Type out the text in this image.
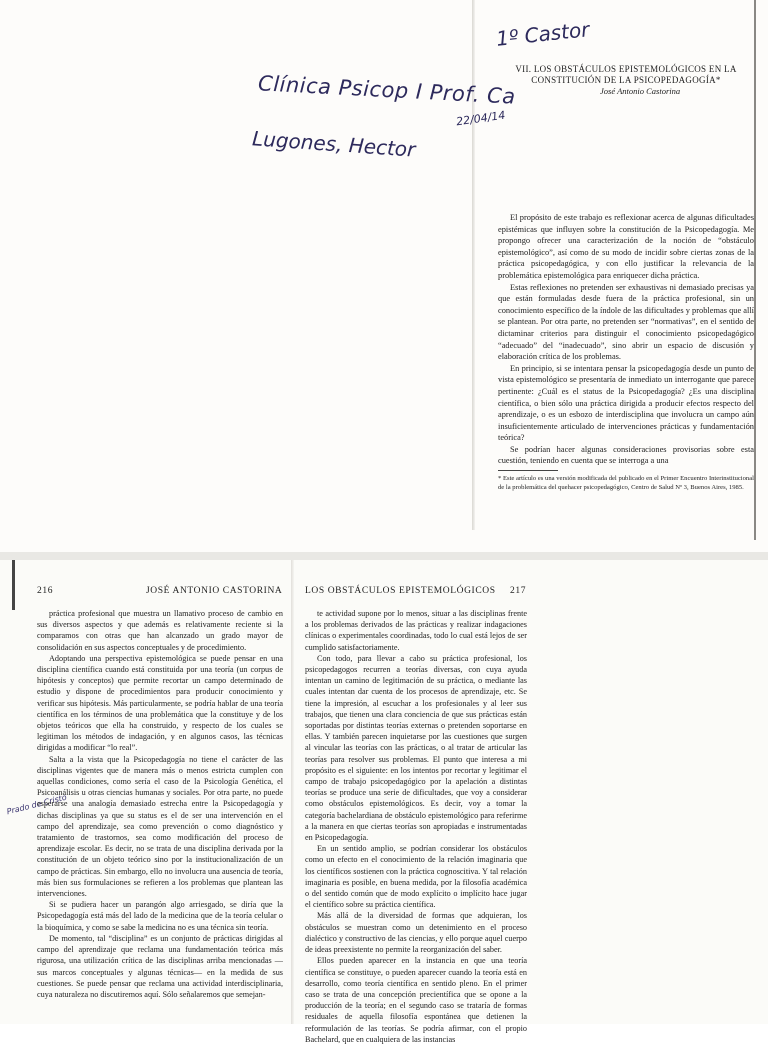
1º Castor
Clínica Psicop I Prof. Ca
Lugones, Hector
22/04/14
Prado de Cristo
VII. LOS OBSTÁCULOS EPISTEMOLÓGICOS EN LA
CONSTITUCIÓN DE LA PSICOPEDAGOGÍA*
José Antonio Castorina

El propósito de este trabajo es reflexionar acerca de algunas dificultades epistémicas que influyen sobre la constitución de la Psicopedagogía. Me propongo ofrecer una caracterización de la noción de “obstáculo epistemológico”, así como de su modo de incidir sobre ciertas zonas de la práctica psicopedagógica, y con ello justificar la relevancia de la problemática epistemológica para enriquecer dicha práctica.

Estas reflexiones no pretenden ser exhaustivas ni demasiado precisas ya que están formuladas desde fuera de la práctica profesional, sin un conocimiento específico de la índole de las dificultades y problemas que allí se plantean. Por otra parte, no pretenden ser “normativas”, en el sentido de dictaminar criterios para distinguir el conocimiento psicopedagógico “adecuado” del “inadecuado”, sino abrir un espacio de discusión y elaboración crítica de los problemas.

En principio, si se intentara pensar la psicopedagogía desde un punto de vista epistemológico se presentaría de inmediato un interrogante que parece pertinente: ¿Cuál es el status de la Psicopedagogía? ¿Es una disciplina científica, o bien sólo una práctica dirigida a producir efectos respecto del aprendizaje, o es un esbozo de interdisciplina que involucra un campo aún insuficientemente articulado de intervenciones prácticas y fundamentación teórica?

Se podrían hacer algunas consideraciones provisorias sobre esta cuestión, teniendo en cuenta que se interroga a una

* Este artículo es una versión modificada del publicado en el Primer Encuentro Interinstitucional de la problemática del quehacer psicopedagógico, Centro de Salud Nº 3, Buenos Aires, 1985.
216	JOSÉ ANTONIO CASTORINA LOS OBSTÁCULOS EPISTEMOLÓGICOS 217

práctica profesional que muestra un llamativo proceso de cambio en sus diversos aspectos y que además es relativamente reciente si la comparamos con otras que han alcanzado un grado mayor de consolidación en sus aspectos conceptuales y de procedimiento.

Adoptando una perspectiva epistemológica se puede pensar en una disciplina científica cuando está constituida por una teoría (un corpus de hipótesis y conceptos) que permite recortar un campo determinado de estudio y dispone de procedimientos para producir conocimiento y verificar sus hipótesis. Más particularmente, se podría hablar de una teoría científica en los términos de una problemática que la constituye y de los objetos teóricos que ella ha construido, y respecto de los cuales se legitiman los métodos de indagación, y en algunos casos, las técnicas dirigidas a modificar “lo real”.

Salta a la vista que la Psicopedagogía no tiene el carácter de las disciplinas vigentes que de manera más o menos estricta cumplen con aquellas condiciones, como sería el caso de la Psicología Genética, el Psicoanálisis u otras ciencias humanas y sociales. Por otra parte, no puede esperarse una analogía demasiado estrecha entre la Psicopedagogía y dichas disciplinas ya que su status es el de ser una intervención en el campo del aprendizaje, sea como prevención o como diagnóstico y tratamiento de trastornos, sea como modificación del proceso de aprendizaje escolar. Es decir, no se trata de una disciplina derivada por la constitución de un objeto teórico sino por la institucionalización de un campo de prácticas. Sin embargo, ello no involucra una ausencia de teoría, más bien sus formulaciones se refieren a los problemas que plantean las intervenciones.

Si se pudiera hacer un parangón algo arriesgado, se diría que la Psicopedagogía está más del lado de la medicina que de la teoría celular o la bioquímica, y como se sabe la medicina no es una técnica sin teoría.

De momento, tal “disciplina” es un conjunto de prácticas dirigidas al campo del aprendizaje que reclama una fundamentación teórica más rigurosa, una utilización crítica de las disciplinas arriba mencionadas —sus marcos conceptuales y algunas técnicas— en la medida de sus cuestiones. Se puede pensar que reclama una actividad interdisciplinaria, cuya naturaleza no discutiremos aquí. Sólo señalaremos que semejan-

te actividad supone por lo menos, situar a las disciplinas frente a los problemas derivados de las prácticas y realizar indagaciones clínicas o experimentales coordinadas, todo lo cual está lejos de ser cumplido satisfactoriamente.

Con todo, para llevar a cabo su práctica profesional, los psicopedagogos recurren a teorías diversas, con cuya ayuda intentan un camino de legitimación de su práctica, o mediante las cuales intentan dar cuenta de los procesos de aprendizaje, etc. Se tiene la impresión, al escuchar a los profesionales y al leer sus trabajos, que tienen una clara conciencia de que sus prácticas están soportadas por distintas teorías externas o pretenden soportarse en ellas. Y también parecen inquietarse por las cuestiones que surgen al vincular las teorías con las prácticas, o al tratar de articular las teorías para resolver sus problemas. El punto que interesa a mi propósito es el siguiente: en los intentos por recortar y legitimar el campo de trabajo psicopedagógico por la apelación a distintas teorías se produce una serie de dificultades, que voy a considerar como obstáculos epistemológicos. Es decir, voy a tomar la categoría bachelardiana de obstáculo epistemológico para referirme a la manera en que ciertas teorías son apropiadas e instrumentadas en Psicopedagogía.

En un sentido amplio, se podrían considerar los obstáculos como un efecto en el conocimiento de la relación imaginaria que los científicos sostienen con la práctica cognoscitiva. Y tal relación imaginaria es posible, en buena medida, por la filosofía académica o del sentido común que de modo explícito o implícito hace jugar el científico sobre su práctica científica.

Más allá de la diversidad de formas que adquieran, los obstáculos se muestran como un detenimiento en el proceso dialéctico y constructivo de las ciencias, y ello porque aquel cuerpo de ideas preexistente no permite la reorganización del saber.

Ellos pueden aparecer en la instancia en que una teoría científica se constituye, o pueden aparecer cuando la teoría está en desarrollo, como teoría científica en sentido pleno. En el primer caso se trata de una concepción precientífica que se opone a la producción de la teoría; en el segundo caso se trataría de formas residuales de aquella filosofía espontánea que detienen la reformulación de las teorías. Se podría afirmar, con el propio Bachelard, que en cualquiera de las instancias
